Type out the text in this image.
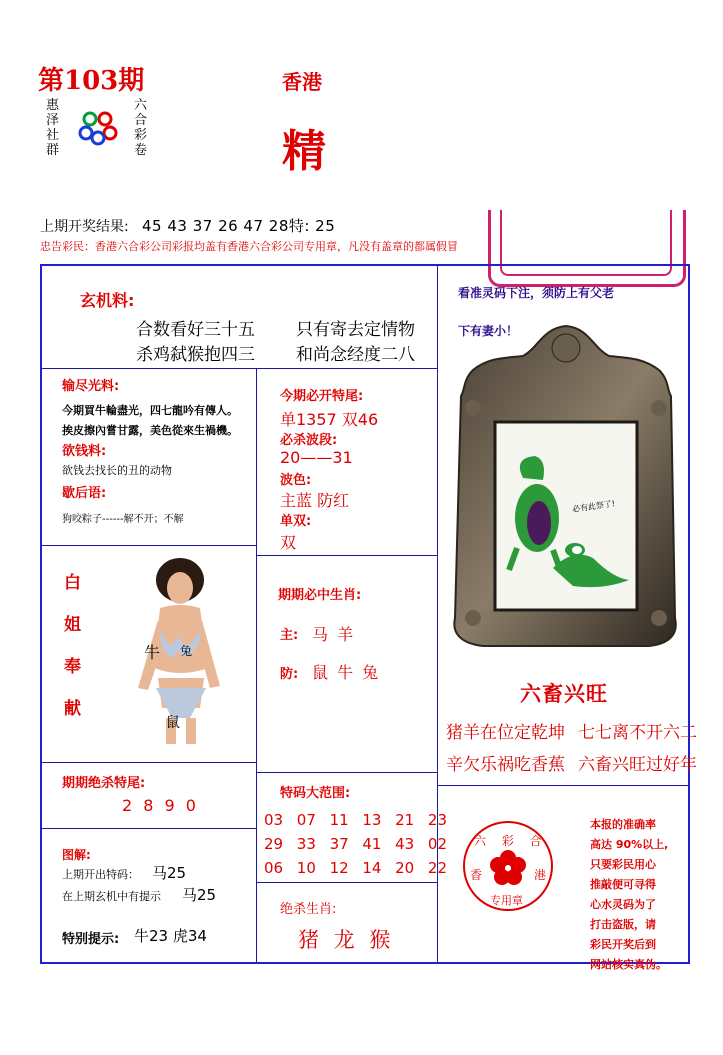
第103期
惠泽社群
六合彩卷
香港
精
上期开奖结果: 45 43 37 26 47 28特: 25
忠告彩民：香港六合彩公司彩报均盖有香港六合彩公司专用章，凡没有盖章的都属假冒
玄机料:
合数看好三十五 只有寄去定情物
杀鸡弑猴抱四三 和尚念经度二八
输尽光料:
今期買牛輪盡光，四七龍吟有傳人。
挨皮擦內嘗甘露，美色從來生禍機。
欲钱料:
欲钱去找长的丑的动物
歇后语:
狗咬粽子------解不开；不解
今期必开特尾:
单1357 双46
必杀波段:
20——31
波色:
主蓝 防红
单双:
双
看准灵码下注，须防上有父老
下有妻小！
必有此祭了!
六畜兴旺
猪羊在位定乾坤 七七离不开六二
辛欠乐祸吃香蕉 六畜兴旺过好年
白
姐
奉
献
牛 兔
鼠
期期必中生肖:
主: 马 羊
防: 鼠 牛 兔
期期绝杀特尾:
2 8 9 0
特码大范围:
03 07 11 13 21 23
29 33 37 41 43 02
06 10 12 14 20 22
图解:
上期开出特码： 马25
在上期玄机中有提示 马25
特别提示: 牛23 虎34
绝杀生肖:
猪 龙 猴
六 彩 合
香	港
专用章
本报的准确率
高达 90%以上,
只要彩民用心
推敲便可寻得
心水灵码为了
打击盗版，请
彩民开奖后到
网站核实真伪。
